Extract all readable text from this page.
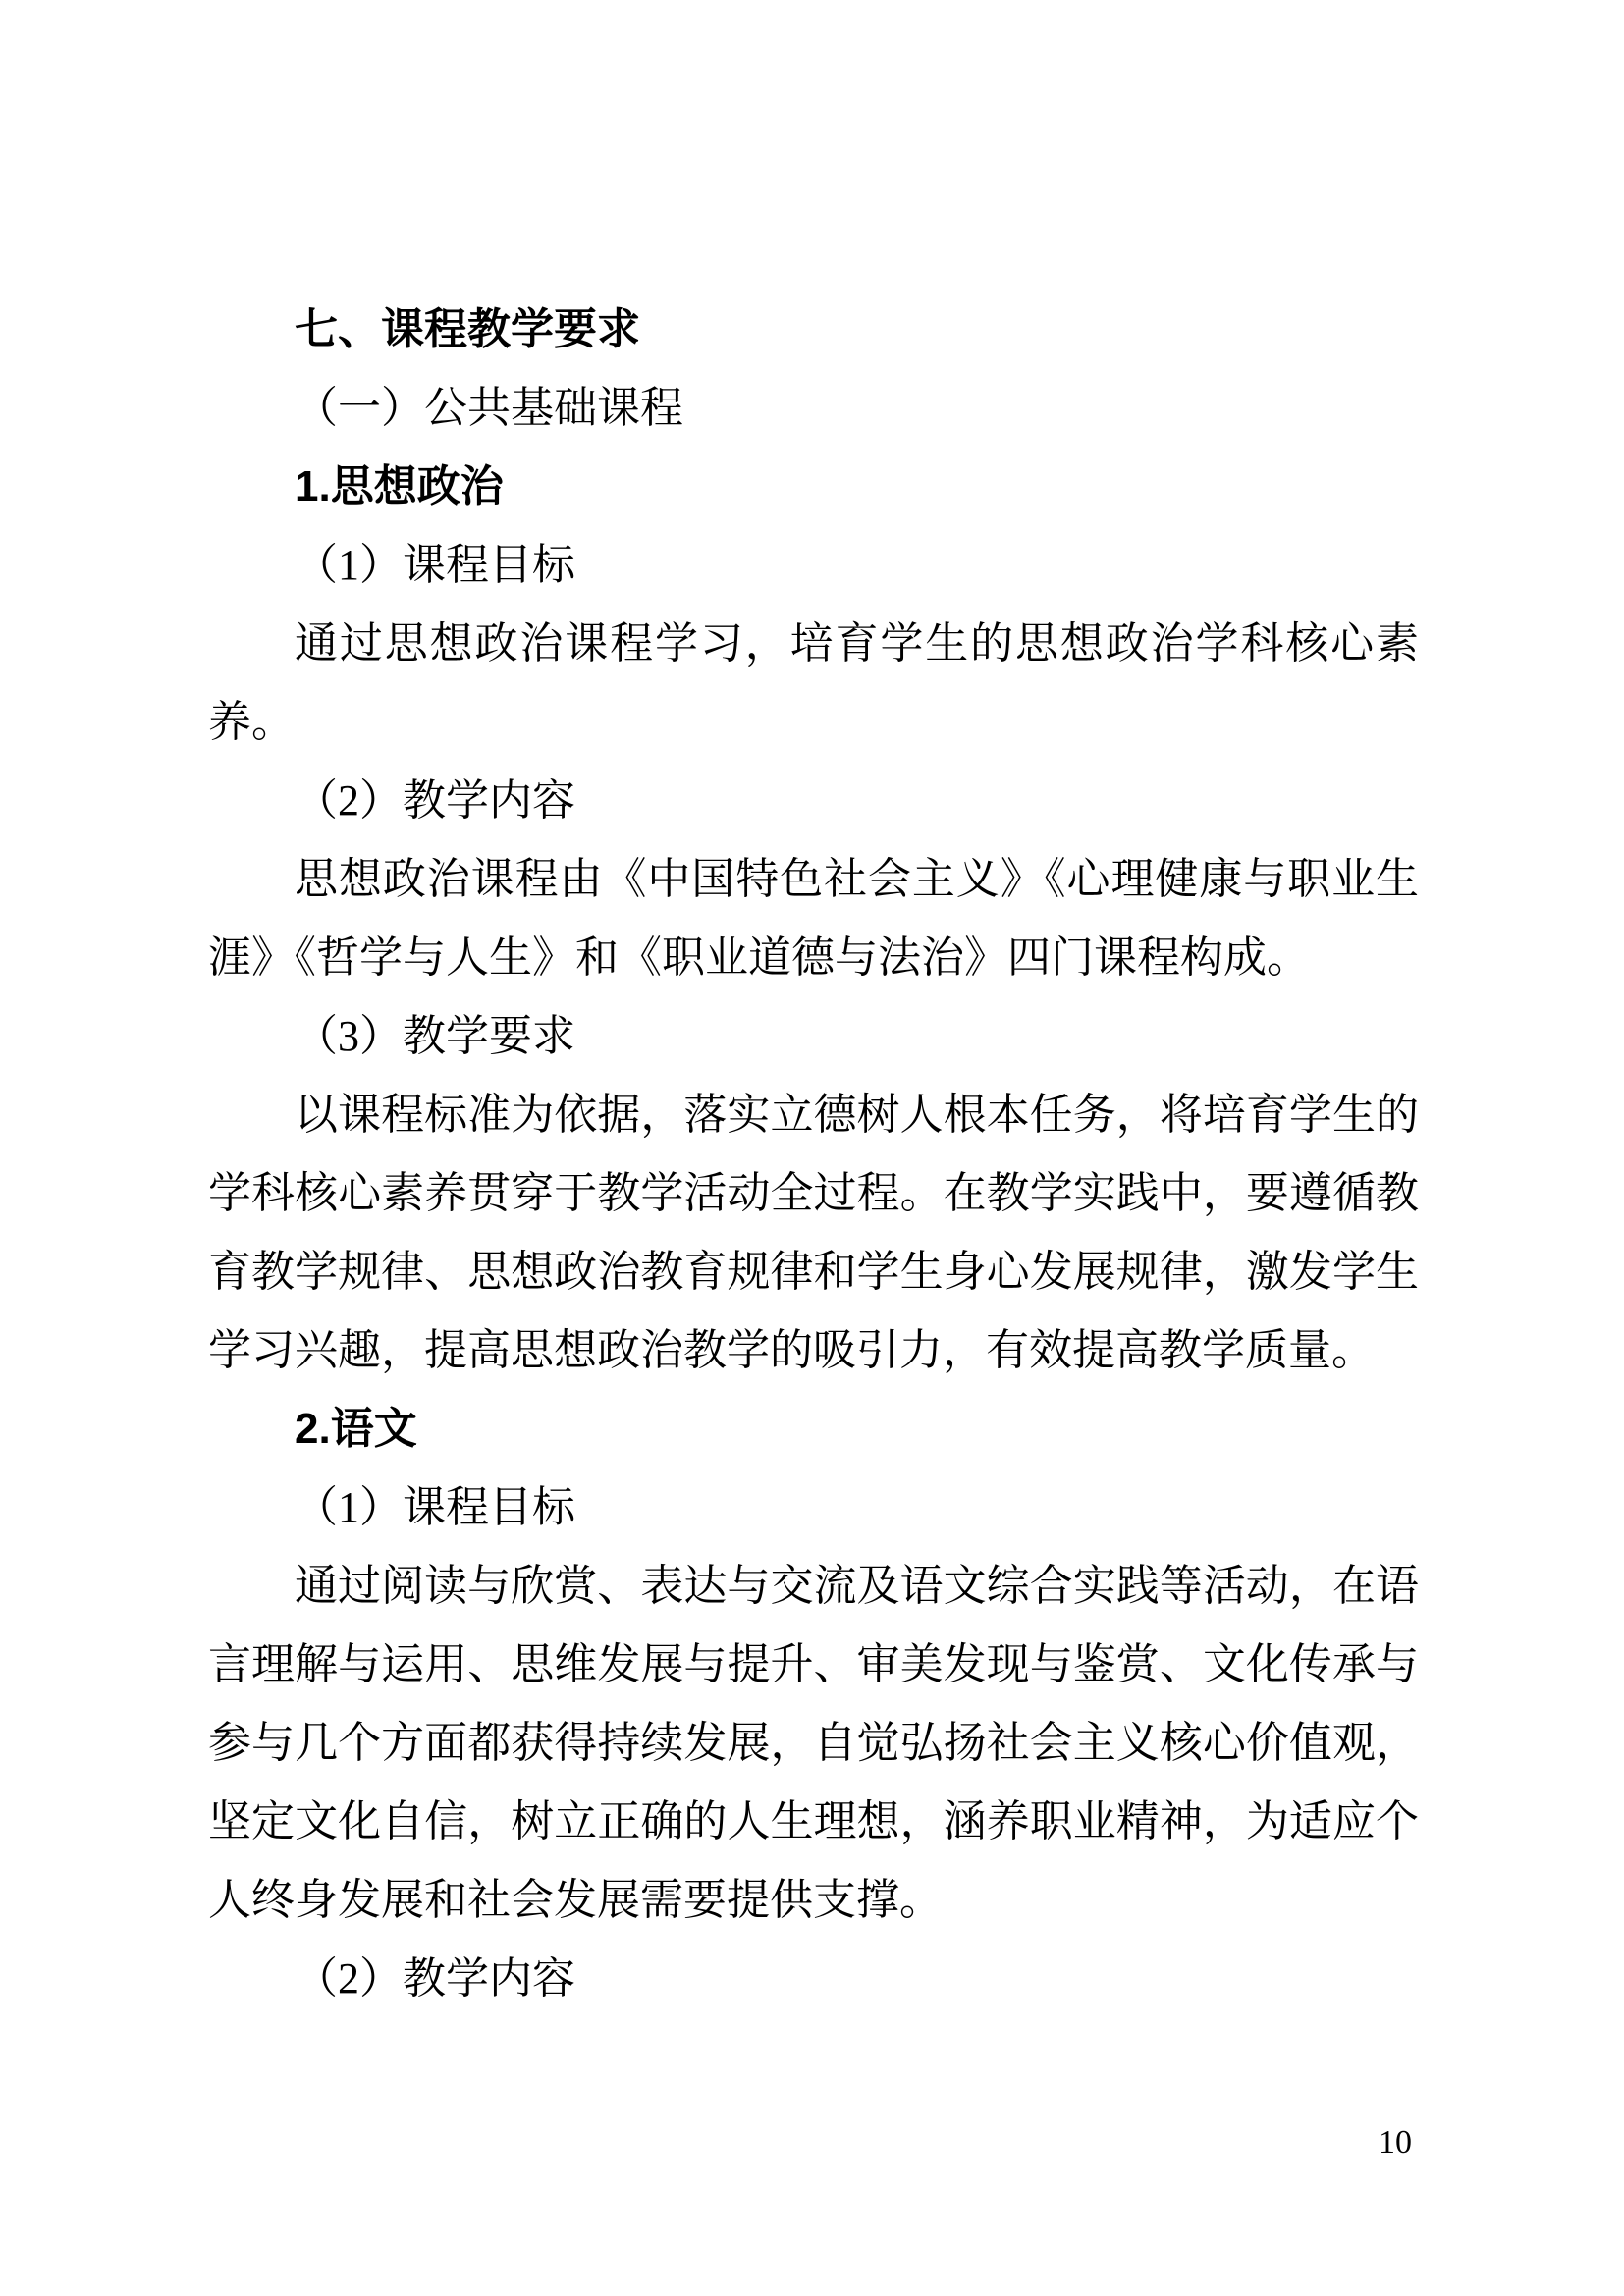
七、课程教学要求
（一）公共基础课程
1.思想政治
（1）课程目标
通过思想政治课程学习，培育学生的思想政治学科核心素
养。
（2）教学内容
思想政治课程由《中国特色社会主义》《心理健康与职业生
涯》《哲学与人生》和《职业道德与法治》四门课程构成。
（3）教学要求
以课程标准为依据，落实立德树人根本任务，将培育学生的
学科核心素养贯穿于教学活动全过程。在教学实践中，要遵循教
育教学规律、思想政治教育规律和学生身心发展规律，激发学生
学习兴趣，提高思想政治教学的吸引力，有效提高教学质量。
2.语文
（1）课程目标
通过阅读与欣赏、表达与交流及语文综合实践等活动，在语
言理解与运用、思维发展与提升、审美发现与鉴赏、文化传承与
参与几个方面都获得持续发展，自觉弘扬社会主义核心价值观，
坚定文化自信，树立正确的人生理想，涵养职业精神，为适应个
人终身发展和社会发展需要提供支撑。
（2）教学内容
10
